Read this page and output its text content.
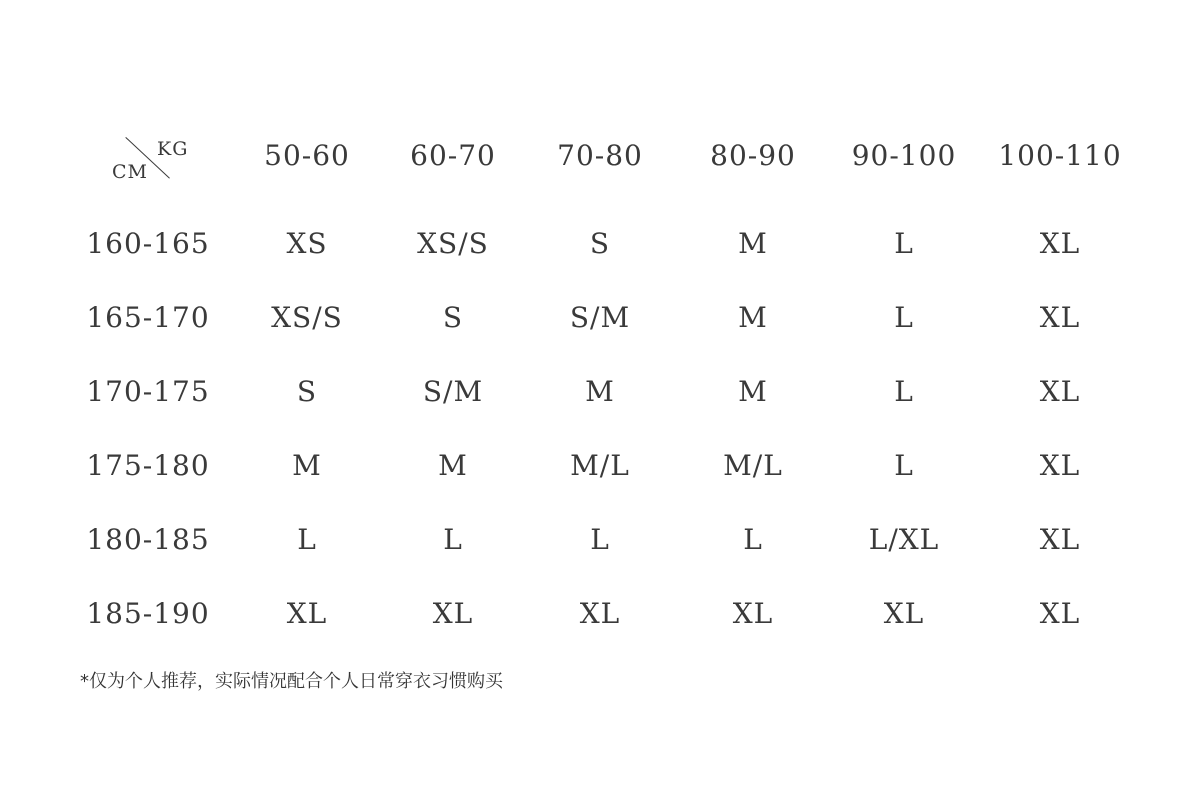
KG
CM	50-60	60-70	70-80	80-90	90-100	100-110
160-165	XS	XS/S	S	M	L	XL
165-170	XS/S	S	S/M	M	L	XL
170-175	S	S/M	M	M	L	XL
175-180	M	M	M/L	M/L	L	XL
180-185	L	L	L	L	L/XL	XL
185-190	XL	XL	XL	XL	XL	XL
*仅为个人推荐，实际情况配合个人日常穿衣习惯购买
